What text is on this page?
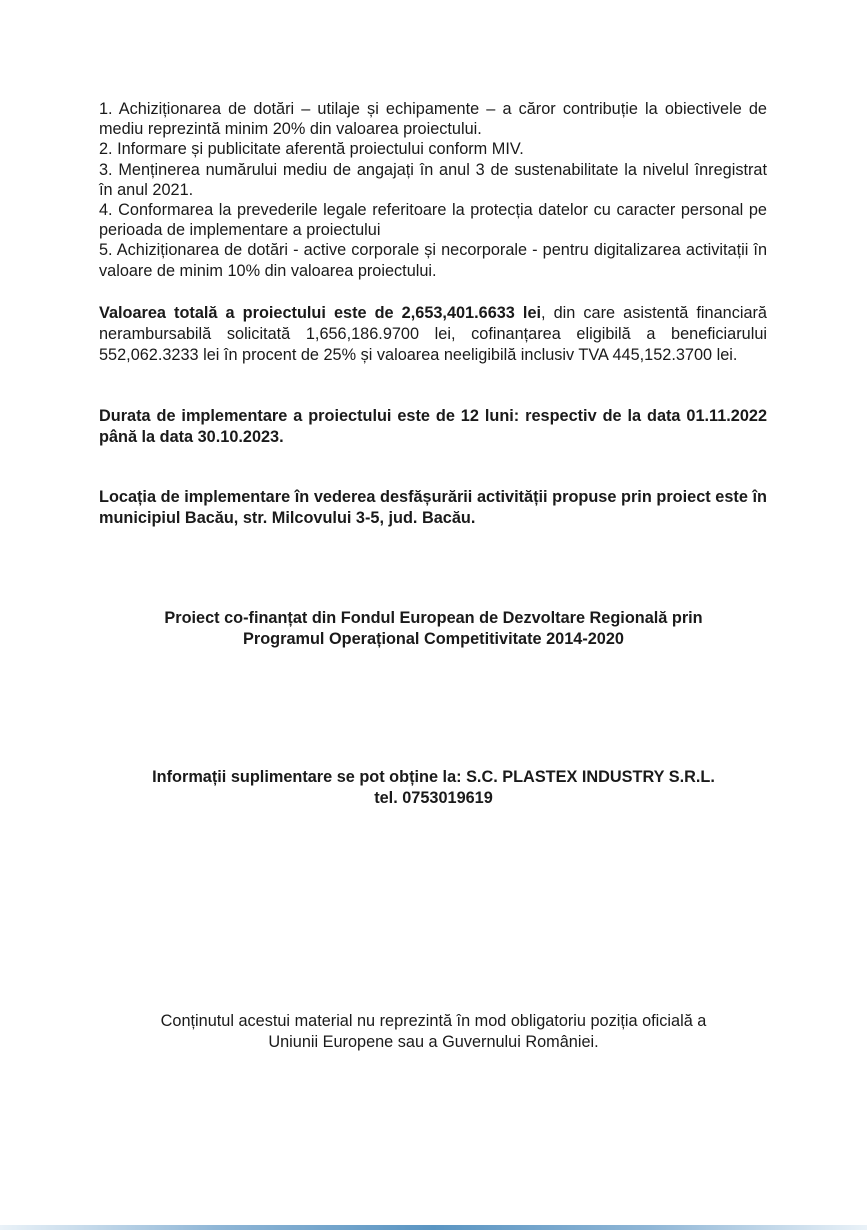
1. Achiziționarea de dotări – utilaje și echipamente – a căror contribuție la obiectivele de mediu reprezintă minim 20% din valoarea proiectului.

2. Informare și publicitate aferentă proiectului conform MIV.

3. Menținerea numărului mediu de angajați în anul 3 de sustenabilitate la nivelul înregistrat în anul 2021.

4. Conformarea la prevederile legale referitoare la protecția datelor cu caracter personal pe perioada de implementare a proiectului

5. Achiziționarea de dotări - active corporale și necorporale - pentru digitalizarea activitații în valoare de minim 10% din valoarea proiectului.

Valoarea totală a proiectului este de 2,653,401.6633 lei, din care asistentă financiară nerambursabilă solicitată 1,656,186.9700 lei, cofinanțarea eligibilă a beneficiarului 552,062.3233 lei în procent de 25% și valoarea neeligibilă inclusiv TVA 445,152.3700 lei.

Durata de implementare a proiectului este de 12 luni: respectiv de la data 01.11.2022 până la data 30.10.2023.

Locația de implementare în vederea desfășurării activității propuse prin proiect este în municipiul Bacău, str. Milcovului 3-5, jud. Bacău.

Proiect co-finanțat din Fondul European de Dezvoltare Regională prin
Programul Operațional Competitivitate 2014-2020
Informații suplimentare se pot obține la: S.C. PLASTEX INDUSTRY S.R.L.
tel. 0753019619
Conținutul acestui material nu reprezintă în mod obligatoriu poziția oficială a
Uniunii Europene sau a Guvernului României.
